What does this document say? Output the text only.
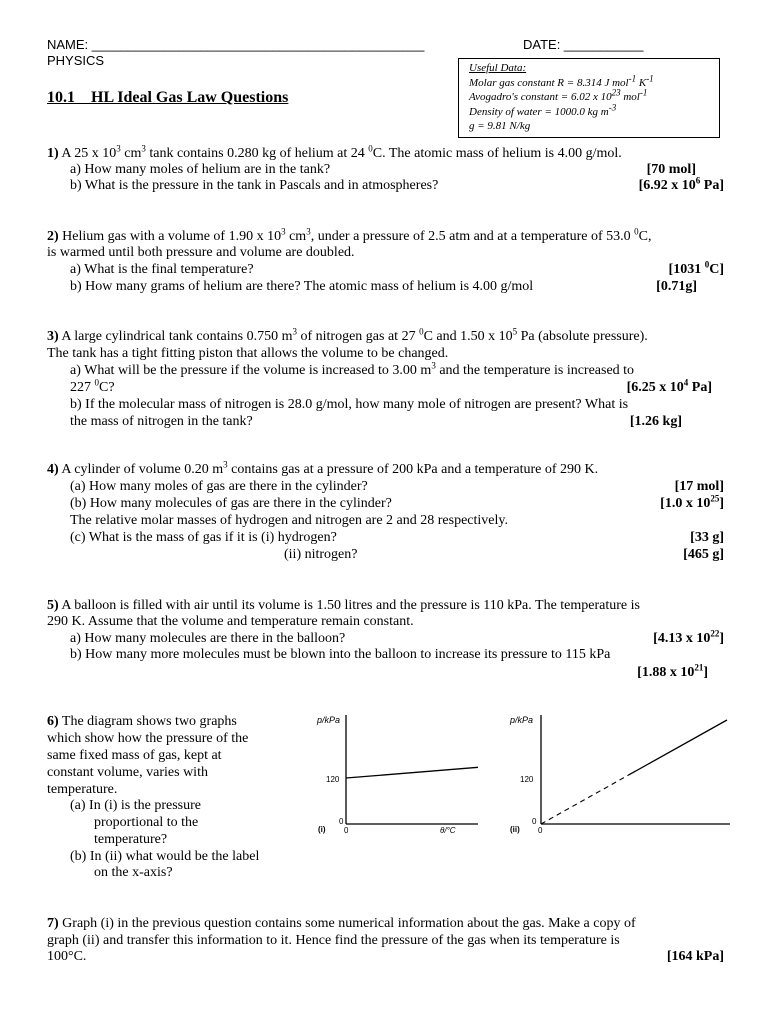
NAME: ______________________________________________	DATE: ___________
PHYSICS
10.1 HL Ideal Gas Law Questions
Useful Data:
Molar gas constant R = 8.314 J mol$^{-1}$ $K^{-1}$
Avogadro's constant = 6.02 x $10^{23}$ mol$^{-1}$
Density of water = 1000.0 kg $m^{-3}$
g = 9.81 N/kg
1) A 25 x $10^3$ $cm^3$ tank contains 0.280 kg of helium at 24 $^0$C. The atomic mass of helium is 4.00 g/mol.
a) How many moles of helium are in the tank?	[70 mol]
b) What is the pressure in the tank in Pascals and in atmospheres?	[6.92 x $10^6$ Pa]
2) Helium gas with a volume of 1.90 x $10^3$ $cm^3$, under a pressure of 2.5 atm and at a temperature of 53.0 $^0$C,
is warmed until both pressure and volume are doubled.
a) What is the final temperature?	[1031 $^0$C]
b) How many grams of helium are there? The atomic mass of helium is 4.00 g/mol	[0.71g]
3) A large cylindrical tank contains 0.750 $m^3$ of nitrogen gas at 27 $^0$C and 1.50 x $10^5$ Pa (absolute pressure).
The tank has a tight fitting piston that allows the volume to be changed.
a) What will be the pressure if the volume is increased to 3.00 $m^3$ and the temperature is increased to
227 $^0$C?	[6.25 x $10^4$ Pa]
b) If the molecular mass of nitrogen is 28.0 g/mol, how many mole of nitrogen are present? What is
the mass of nitrogen in the tank?	[1.26 kg]
4) A cylinder of volume 0.20 $m^3$ contains gas at a pressure of 200 kPa and a temperature of 290 K.
(a) How many moles of gas are there in the cylinder?	[17 mol]
(b) How many molecules of gas are there in the cylinder?	[1.0 x $10^{25}$]
The relative molar masses of hydrogen and nitrogen are 2 and 28 respectively.
(c) What is the mass of gas if it is (i) hydrogen?	[33 g]
(ii) nitrogen?	[465 g]
5) A balloon is filled with air until its volume is 1.50 litres and the pressure is 110 kPa. The temperature is
290 K. Assume that the volume and temperature remain constant.
a) How many molecules are there in the balloon?	[4.13 x $10^{22}$]
b) How many more molecules must be blown into the balloon to increase its pressure to 115 kPa
[1.88 x $10^{21}$]
6) The diagram shows two graphs
which show how the pressure of the
same fixed mass of gas, kept at
constant volume, varies with
temperature.
(a) In (i) is the pressure
proportional to the
temperature?
(b) In (ii) what would be the label
on the x-axis?
p/kPa
120
0
0	θ/°C
(i)
p/kPa
120
0
0
(ii)
7) Graph (i) in the previous question contains some numerical information about the gas. Make a copy of
graph (ii) and transfer this information to it. Hence find the pressure of the gas when its temperature is
100°C.	[164 kPa]
